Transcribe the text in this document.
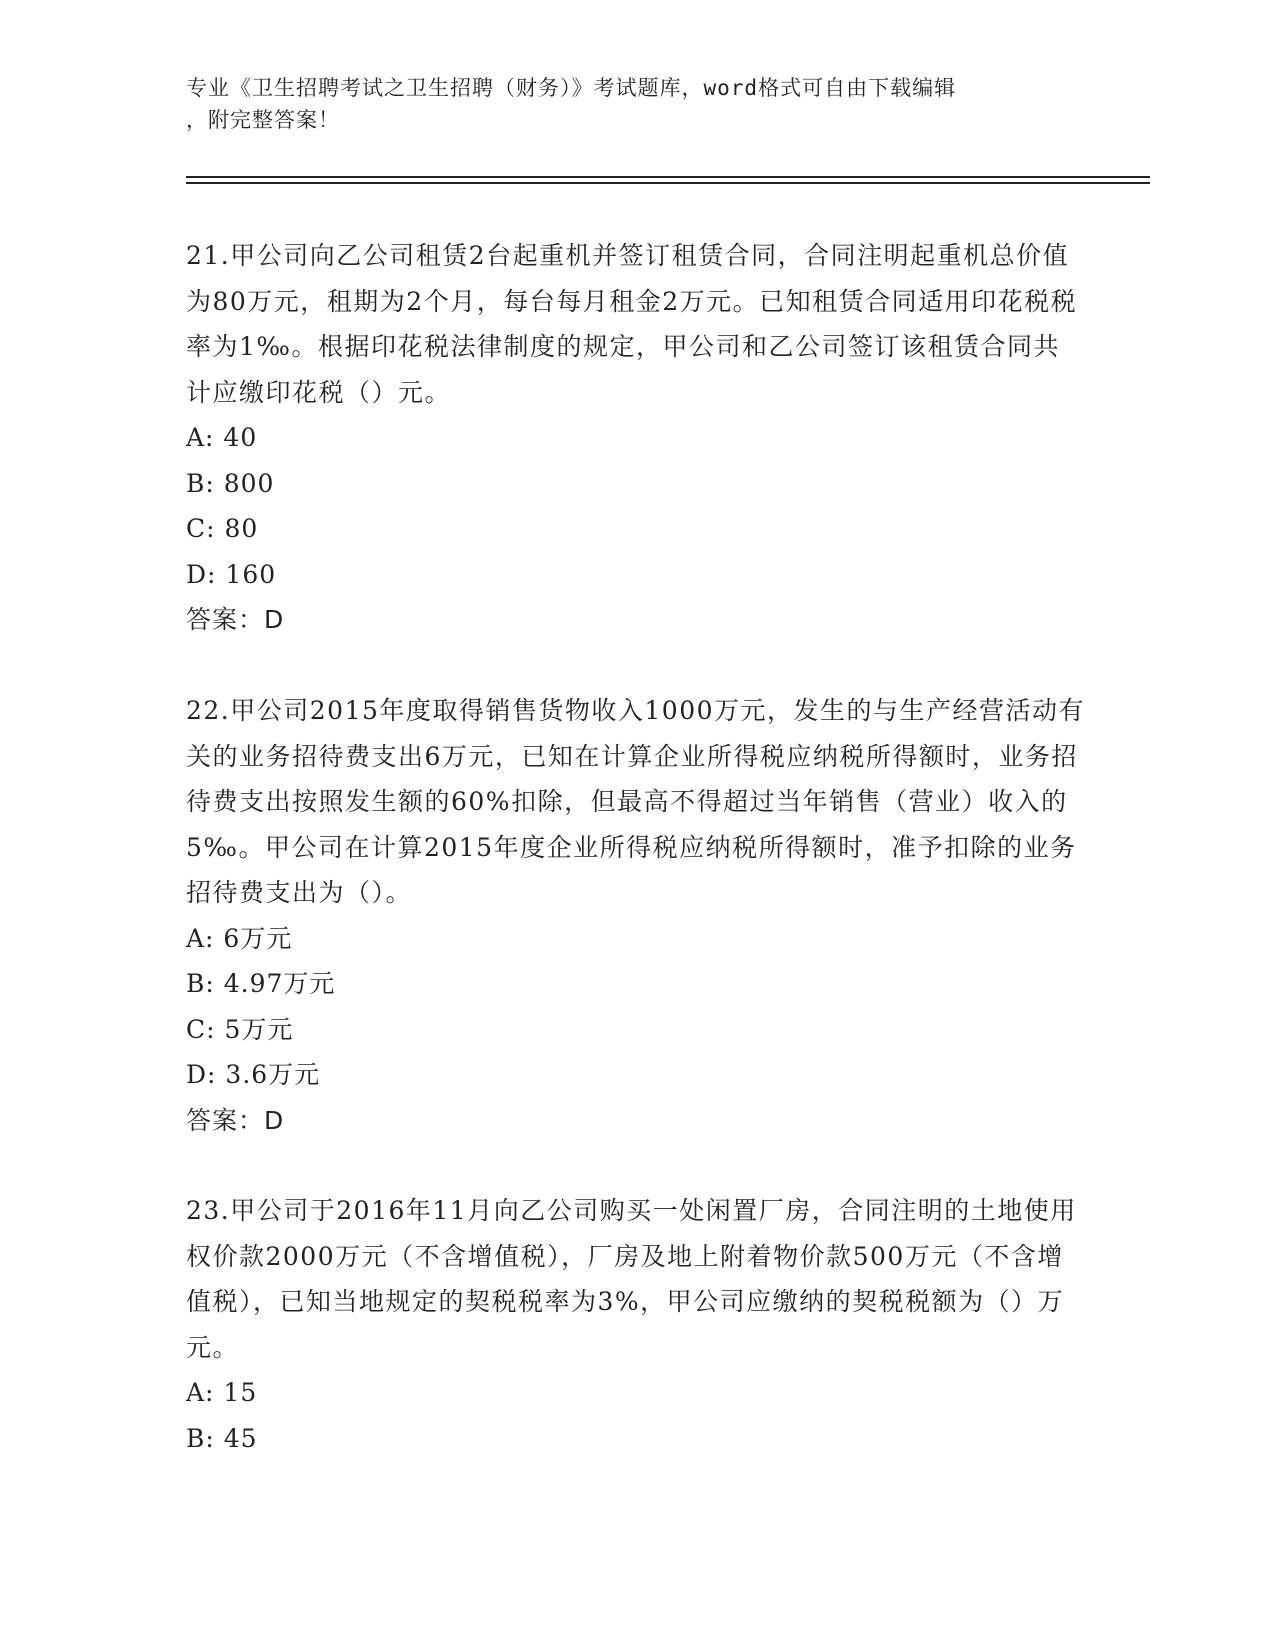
专业《卫生招聘考试之卫生招聘（财务）》考试题库，word格式可自由下载编辑
，附完整答案！

21.甲公司向乙公司租赁2台起重机并签订租赁合同，合同注明起重机总价值为80万元，租期为2个月，每台每月租金2万元。已知租赁合同适用印花税税率为1‰。根据印花税法律制度的规定，甲公司和乙公司签订该租赁合同共计应缴印花税（）元。

A: 40

B: 800

C: 80

D: 160

答案：D

22.甲公司2015年度取得销售货物收入1000万元，发生的与生产经营活动有关的业务招待费支出6万元，已知在计算企业所得税应纳税所得额时，业务招待费支出按照发生额的60%扣除，但最高不得超过当年销售（营业）收入的5‰。甲公司在计算2015年度企业所得税应纳税所得额时，准予扣除的业务招待费支出为（）。

A: 6万元

B: 4.97万元

C: 5万元

D: 3.6万元

答案：D

23.甲公司于2016年11月向乙公司购买一处闲置厂房，合同注明的土地使用权价款2000万元（不含增值税），厂房及地上附着物价款500万元（不含增值税），已知当地规定的契税税率为3%，甲公司应缴纳的契税税额为（）万元。

A: 15

B: 45
